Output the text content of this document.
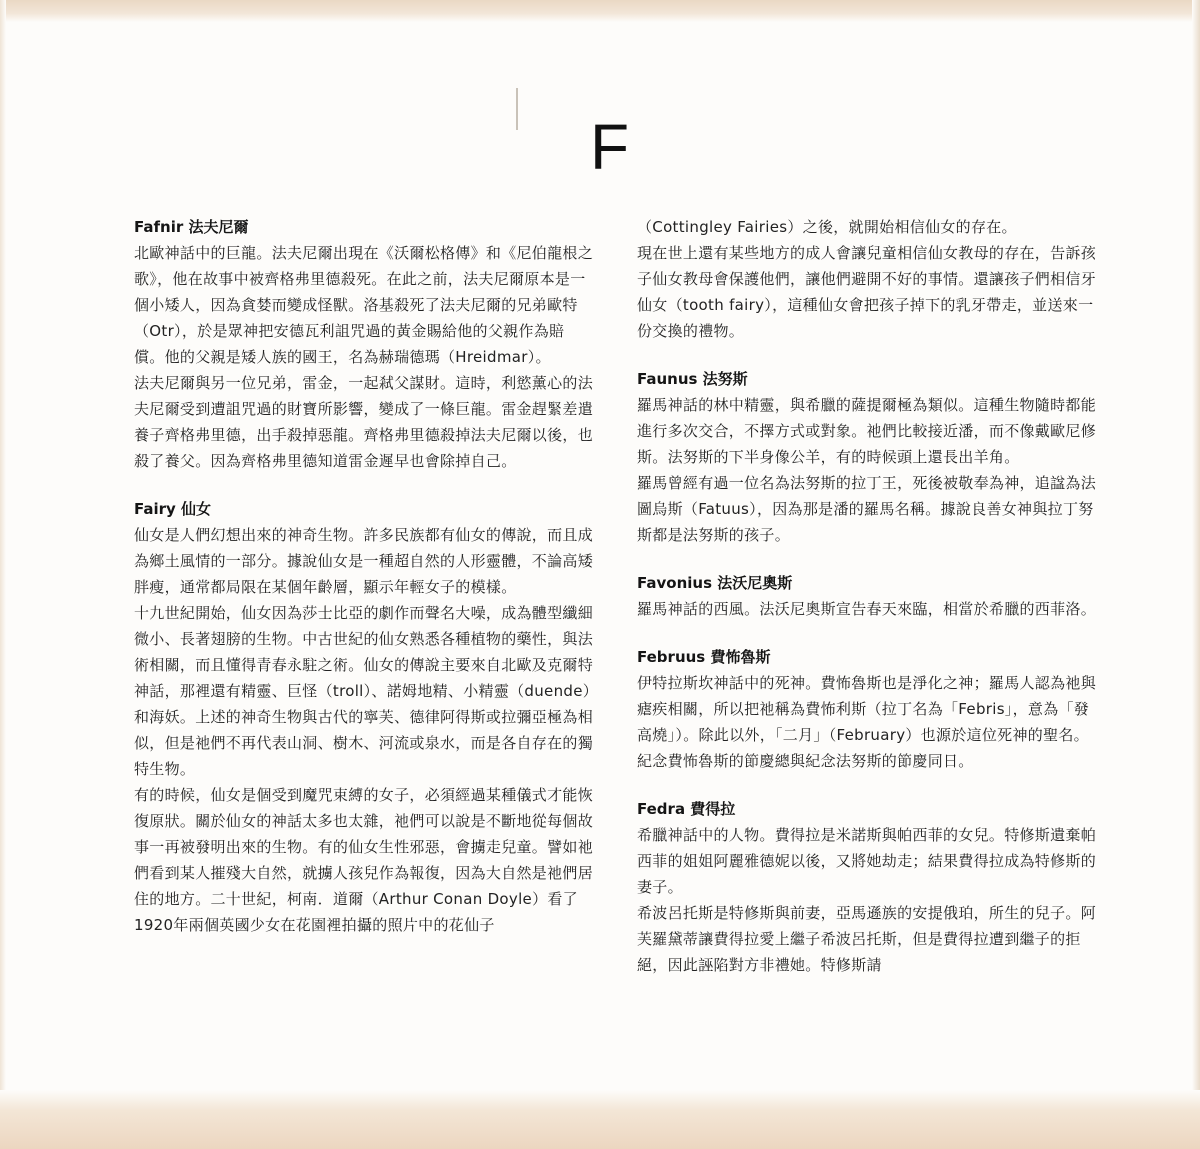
F

Fafnir 法夫尼爾

北歐神話中的巨龍。法夫尼爾出現在《沃爾松格傳》和《尼伯龍根之歌》，他在故事中被齊格弗里德殺死。在此之前，法夫尼爾原本是一個小矮人，因為貪婪而變成怪獸。洛基殺死了法夫尼爾的兄弟歐特（Otr），於是眾神把安德瓦利詛咒過的黃金賜給他的父親作為賠償。他的父親是矮人族的國王，名為赫瑞德瑪（Hreidmar）。

法夫尼爾與另一位兄弟，雷金，一起弒父謀財。這時，利慾薰心的法夫尼爾受到遭詛咒過的財寶所影響，變成了一條巨龍。雷金趕緊差遣養子齊格弗里德，出手殺掉惡龍。齊格弗里德殺掉法夫尼爾以後，也殺了養父。因為齊格弗里德知道雷金遲早也會除掉自己。

Fairy 仙女

仙女是人們幻想出來的神奇生物。許多民族都有仙女的傳說，而且成為鄉土風情的一部分。據說仙女是一種超自然的人形靈體，不論高矮胖瘦，通常都局限在某個年齡層，顯示年輕女子的模樣。

十九世紀開始，仙女因為莎士比亞的劇作而聲名大噪，成為體型纖細微小、長著翅膀的生物。中古世紀的仙女熟悉各種植物的藥性，與法術相關，而且懂得青春永駐之術。仙女的傳說主要來自北歐及克爾特神話，那裡還有精靈、巨怪（troll）、諾姆地精、小精靈（duende）和海妖。上述的神奇生物與古代的寧芙、德律阿得斯或拉彌亞極為相似，但是祂們不再代表山洞、樹木、河流或泉水，而是各自存在的獨特生物。

有的時候，仙女是個受到魔咒束縛的女子，必須經過某種儀式才能恢復原狀。關於仙女的神話太多也太雜，祂們可以說是不斷地從每個故事一再被發明出來的生物。有的仙女生性邪惡，會擄走兒童。譬如祂們看到某人摧殘大自然，就擄人孩兒作為報復，因為大自然是祂們居住的地方。二十世紀，柯南．道爾（Arthur Conan Doyle）看了1920年兩個英國少女在花園裡拍攝的照片中的花仙子

（Cottingley Fairies）之後，就開始相信仙女的存在。

現在世上還有某些地方的成人會讓兒童相信仙女教母的存在，告訴孩子仙女教母會保護他們，讓他們避開不好的事情。還讓孩子們相信牙仙女（tooth fairy），這種仙女會把孩子掉下的乳牙帶走，並送來一份交換的禮物。

Faunus 法努斯

羅馬神話的林中精靈，與希臘的薩提爾極為類似。這種生物隨時都能進行多次交合，不擇方式或對象。祂們比較接近潘，而不像戴歐尼修斯。法努斯的下半身像公羊，有的時候頭上還長出羊角。

羅馬曾經有過一位名為法努斯的拉丁王，死後被敬奉為神，追諡為法圖烏斯（Fatuus），因為那是潘的羅馬名稱。據說良善女神與拉丁努斯都是法努斯的孩子。

Favonius 法沃尼奧斯

羅馬神話的西風。法沃尼奧斯宣告春天來臨，相當於希臘的西菲洛。

Februus 費怖魯斯

伊特拉斯坎神話中的死神。費怖魯斯也是淨化之神；羅馬人認為祂與瘧疾相關，所以把祂稱為費怖利斯（拉丁名為「Febris」，意為「發高燒」）。除此以外，「二月」（February）也源於這位死神的聖名。紀念費怖魯斯的節慶總與紀念法努斯的節慶同日。

Fedra 費得拉

希臘神話中的人物。費得拉是米諾斯與帕西菲的女兒。特修斯遺棄帕西菲的姐姐阿麗雅德妮以後，又將她劫走；結果費得拉成為特修斯的妻子。

希波呂托斯是特修斯與前妻，亞馬遜族的安提俄珀，所生的兒子。阿芙羅黛蒂讓費得拉愛上繼子希波呂托斯，但是費得拉遭到繼子的拒絕，因此誣陷對方非禮她。特修斯請
